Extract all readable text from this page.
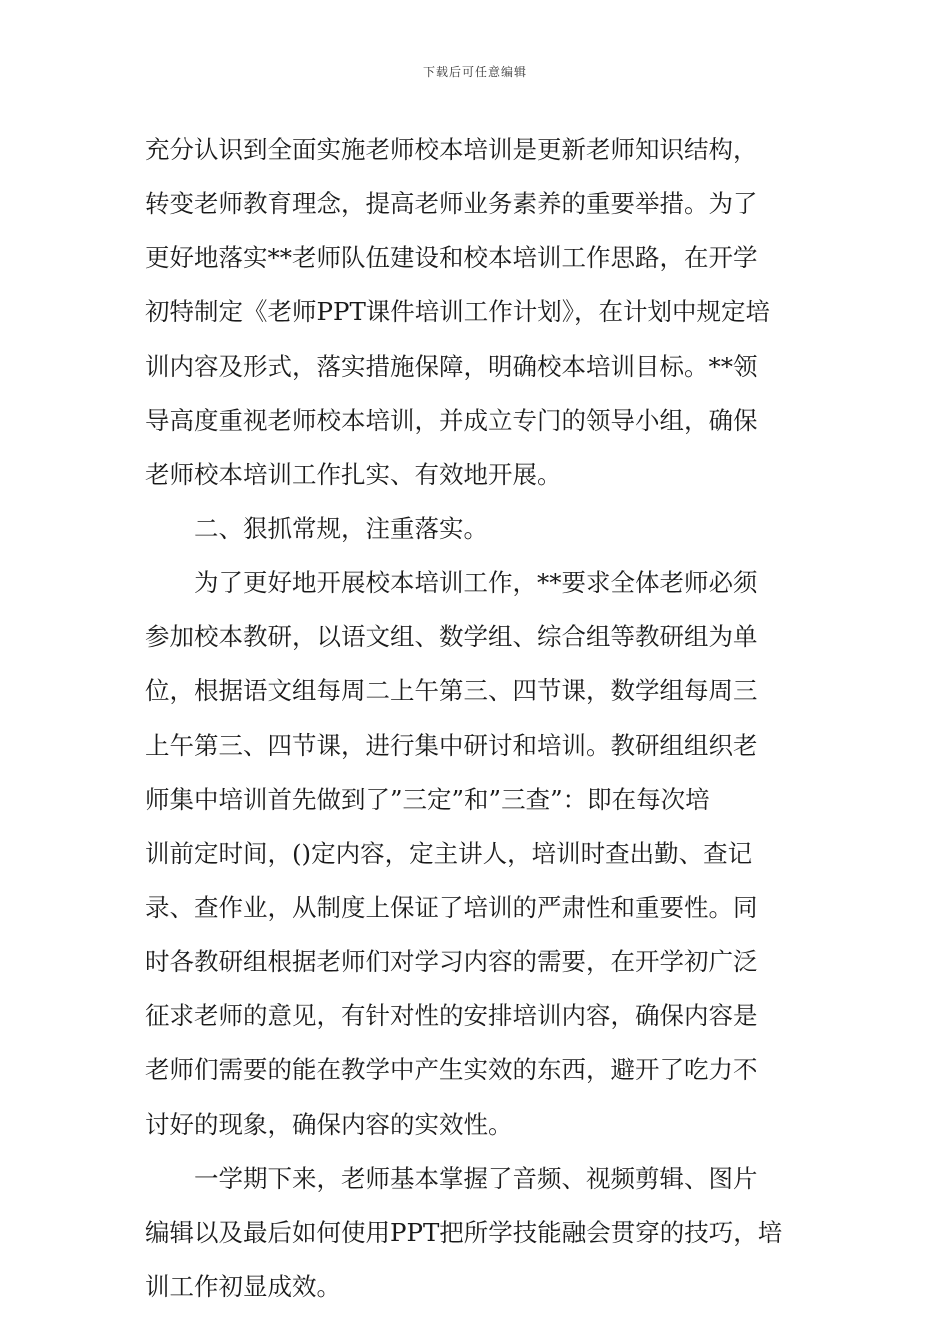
下载后可任意编辑
充分认识到全面实施老师校本培训是更新老师知识结构，
转变老师教育理念，提高老师业务素养的重要举措。为了
更好地落实**老师队伍建设和校本培训工作思路，在开学
初特制定《老师PPT课件培训工作计划》，在计划中规定培
训内容及形式，落实措施保障，明确校本培训目标。**领
导高度重视老师校本培训，并成立专门的领导小组，确保
老师校本培训工作扎实、有效地开展。
二、狠抓常规，注重落实。
为了更好地开展校本培训工作，**要求全体老师必须
参加校本教研，以语文组、数学组、综合组等教研组为单
位，根据语文组每周二上午第三、四节课，数学组每周三
上午第三、四节课，进行集中研讨和培训。教研组组织老
师集中培训首先做到了”三定”和”三查”：即在每次培
训前定时间，()定内容，定主讲人，培训时查出勤、查记
录、查作业，从制度上保证了培训的严肃性和重要性。同
时各教研组根据老师们对学习内容的需要，在开学初广泛
征求老师的意见，有针对性的安排培训内容，确保内容是
老师们需要的能在教学中产生实效的东西，避开了吃力不
讨好的现象，确保内容的实效性。
一学期下来，老师基本掌握了音频、视频剪辑、图片
编辑以及最后如何使用PPT把所学技能融会贯穿的技巧，培
训工作初显成效。
